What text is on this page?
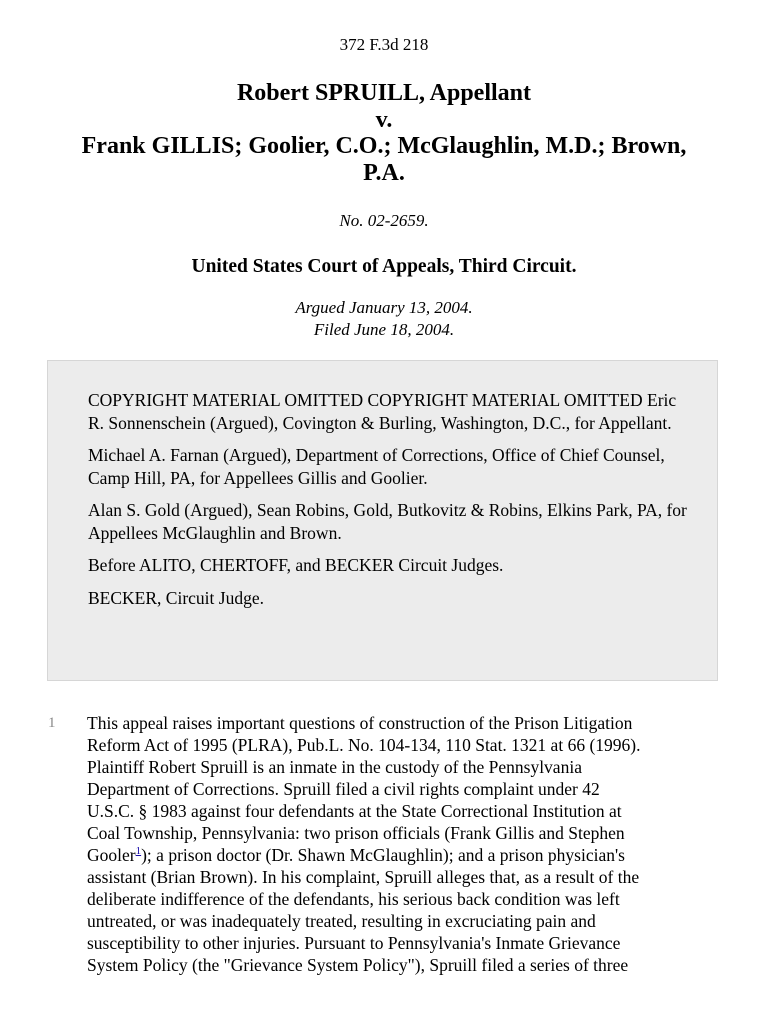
372 F.3d 218
Robert SPRUILL, Appellant
v.
Frank GILLIS; Goolier, C.O.; McGlaughlin, M.D.; Brown,
P.A.
No. 02-2659.
United States Court of Appeals, Third Circuit.
Argued January 13, 2004.
Filed June 18, 2004.

COPYRIGHT MATERIAL OMITTED COPYRIGHT MATERIAL OMITTED Eric R. Sonnenschein (Argued), Covington & Burling, Washington, D.C., for Appellant.

Michael A. Farnan (Argued), Department of Corrections, Office of Chief Counsel, Camp Hill, PA, for Appellees Gillis and Goolier.

Alan S. Gold (Argued), Sean Robins, Gold, Butkovitz & Robins, Elkins Park, PA, for Appellees McGlaughlin and Brown.

Before ALITO, CHERTOFF, and BECKER Circuit Judges.

BECKER, Circuit Judge.

1 This appeal raises important questions of construction of the Prison Litigation
Reform Act of 1995 (PLRA), Pub.L. No. 104-134, 110 Stat. 1321 at 66 (1996).
Plaintiff Robert Spruill is an inmate in the custody of the Pennsylvania
Department of Corrections. Spruill filed a civil rights complaint under 42
U.S.C. § 1983 against four defendants at the State Correctional Institution at
Coal Township, Pennsylvania: two prison officials (Frank Gillis and Stephen
Gooler$^1$); a prison doctor (Dr. Shawn McGlaughlin); and a prison physician's
assistant (Brian Brown). In his complaint, Spruill alleges that, as a result of the
deliberate indifference of the defendants, his serious back condition was left
untreated, or was inadequately treated, resulting in excruciating pain and
susceptibility to other injuries. Pursuant to Pennsylvania's Inmate Grievance
System Policy (the "Grievance System Policy"), Spruill filed a series of three
